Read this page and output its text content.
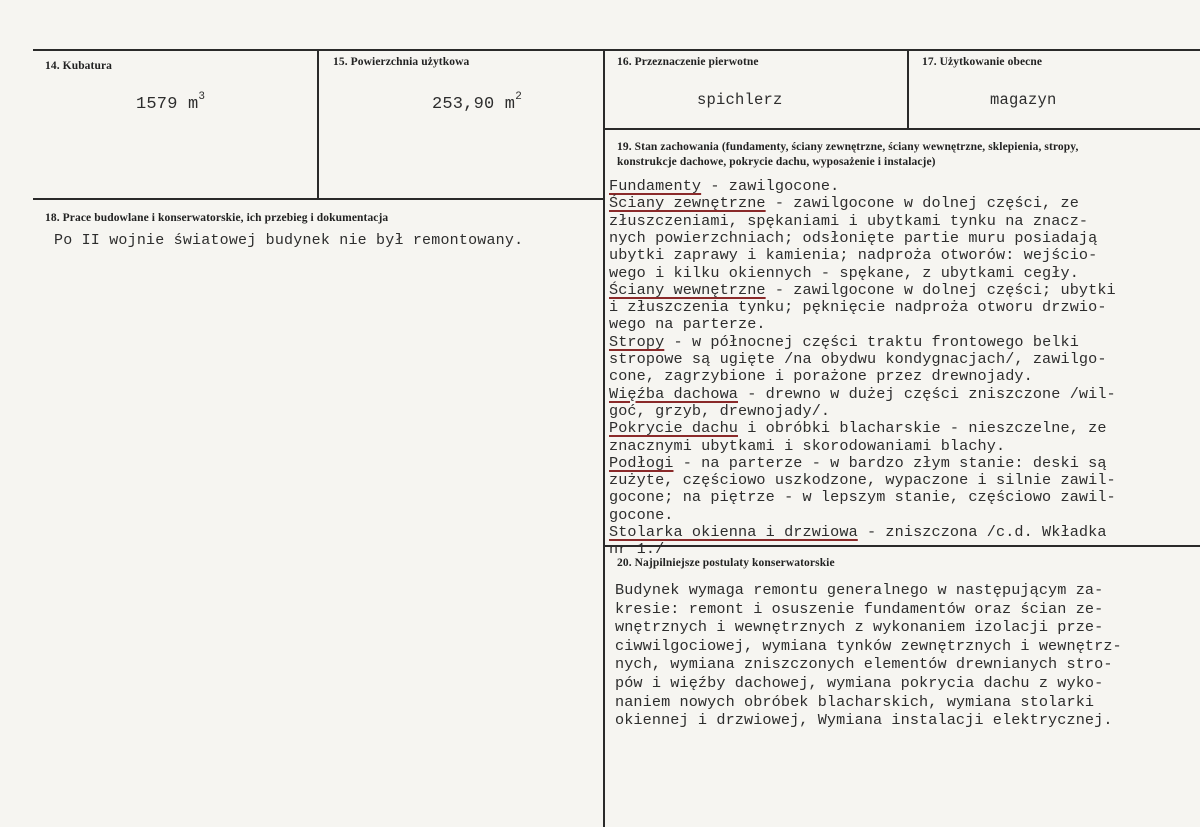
14. Kubatura
1579 $m^3$
15. Powierzchnia użytkowa
253,90 $m^2$
16. Przeznaczenie pierwotne
spichlerz
17. Użytkowanie obecne
magazyn
18. Prace budowlane i konserwatorskie, ich przebieg i dokumentacja
Po II wojnie światowej budynek nie był remontowany.
19. Stan zachowania (fundamenty, ściany zewnętrzne, ściany wewnętrzne, sklepienia, stropy,
konstrukcje dachowe, pokrycie dachu, wyposażenie i instalacje)
Fundamenty - zawilgocone.
Ściany zewnętrzne - zawilgocone w dolnej części, ze
złuszczeniami, spękaniami i ubytkami tynku na znacz-
nych powierzchniach; odsłonięte partie muru posiadają
ubytki zaprawy i kamienia; nadproża otworów: wejścio-
wego i kilku okiennych - spękane, z ubytkami cegły.
Ściany wewnętrzne - zawilgocone w dolnej części; ubytki
i złuszczenia tynku; pęknięcie nadproża otworu drzwio-
wego na parterze.
Stropy - w północnej części traktu frontowego belki
stropowe są ugięte /na obydwu kondygnacjach/, zawilgo-
cone, zagrzybione i porażone przez drewnojady.
Więźba dachowa - drewno w dużej części zniszczone /wil-
goć, grzyb, drewnojady/.
Pokrycie dachu i obróbki blacharskie - nieszczelne, ze
znacznymi ubytkami i skorodowaniami blachy.
Podłogi - na parterze - w bardzo złym stanie: deski są
zużyte, częściowo uszkodzone, wypaczone i silnie zawil-
gocone; na piętrze - w lepszym stanie, częściowo zawil-
gocone.
Stolarka okienna i drzwiowa - zniszczona /c.d. Wkładka
nr 1./
20. Najpilniejsze postulaty konserwatorskie
Budynek wymaga remontu generalnego w następującym za-
kresie: remont i osuszenie fundamentów oraz ścian ze-
wnętrznych i wewnętrznych z wykonaniem izolacji prze-
ciwwilgociowej, wymiana tynków zewnętrznych i wewnętrz-
nych, wymiana zniszczonych elementów drewnianych stro-
pów i więźby dachowej, wymiana pokrycia dachu z wyko-
naniem nowych obróbek blacharskich, wymiana stolarki
okiennej i drzwiowej, Wymiana instalacji elektrycznej.
